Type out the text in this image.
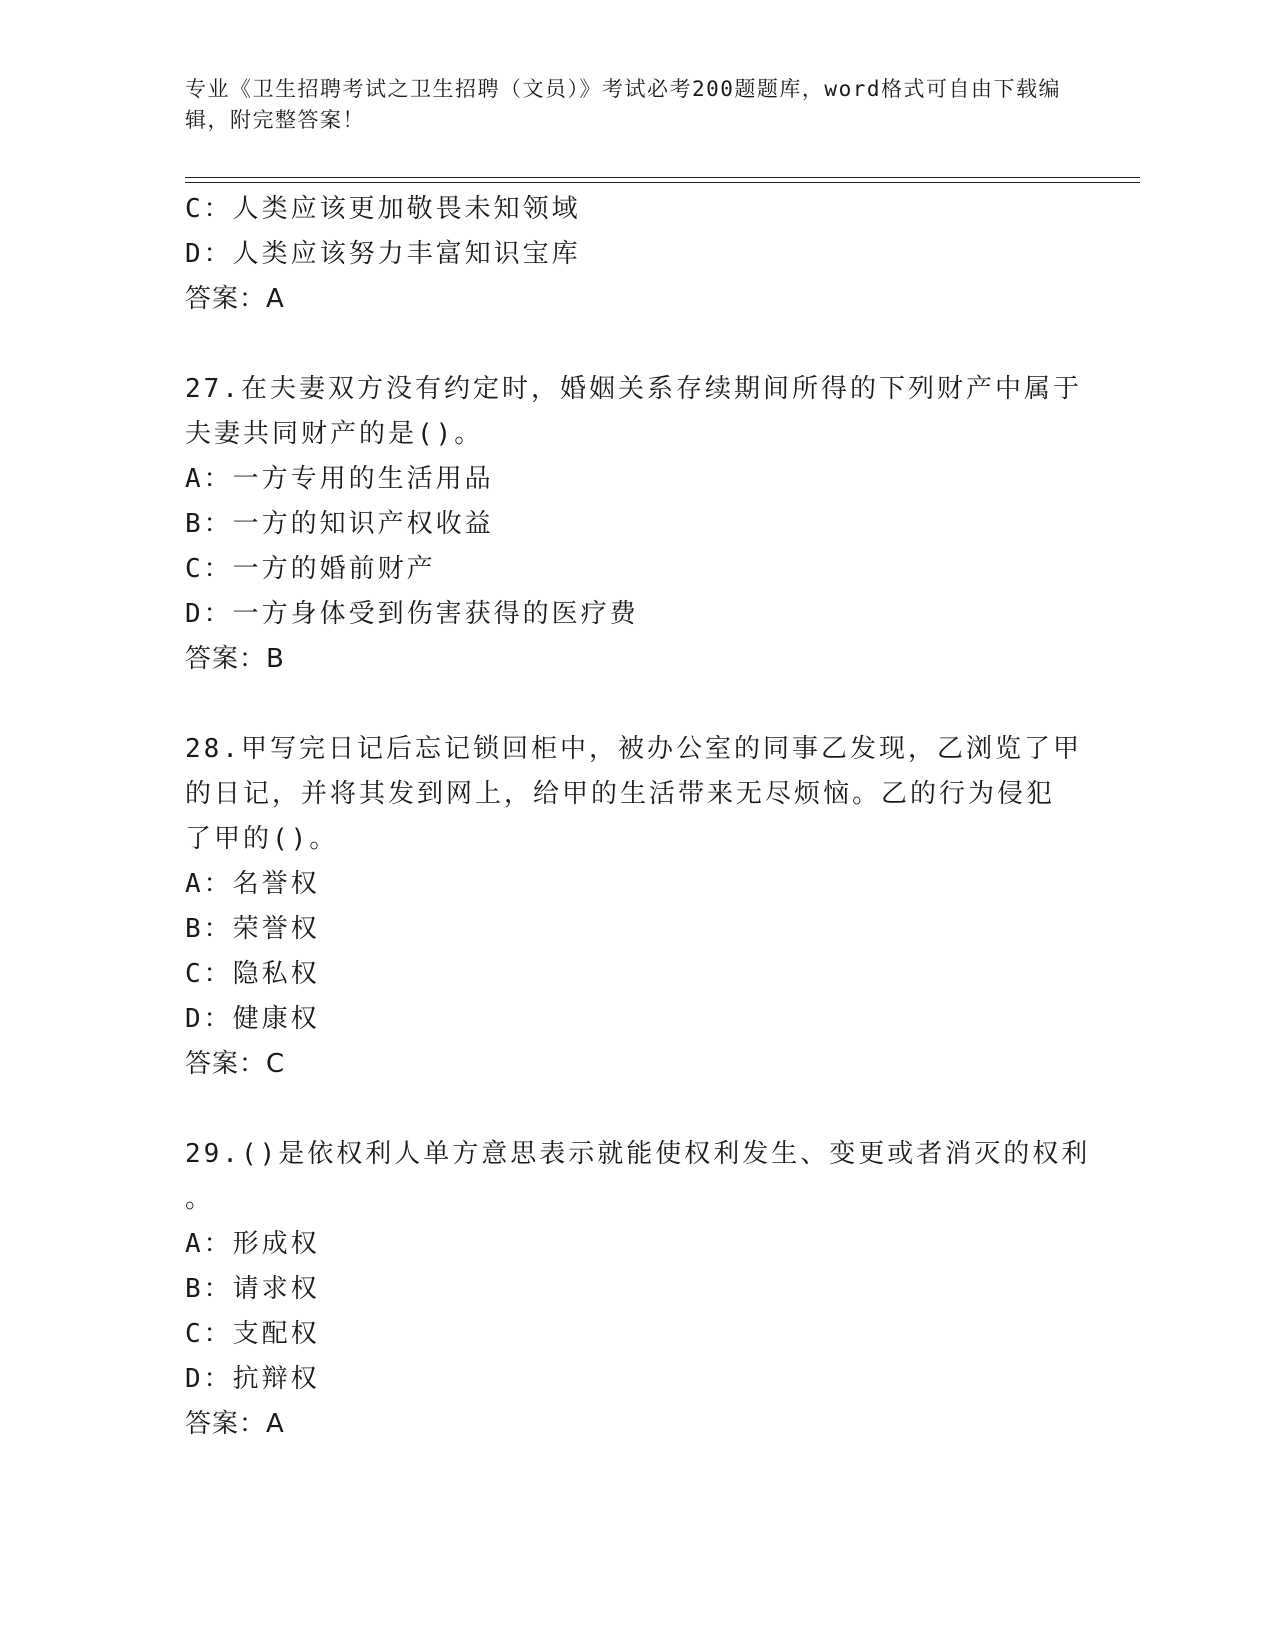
专业《卫生招聘考试之卫生招聘（文员）》考试必考200题题库，word格式可自由下载编辑，附完整答案！
C：人类应该更加敬畏未知领域
D：人类应该努力丰富知识宝库
答案：A
27.在夫妻双方没有约定时，婚姻关系存续期间所得的下列财产中属于
夫妻共同财产的是()。
A：一方专用的生活用品
B：一方的知识产权收益
C：一方的婚前财产
D：一方身体受到伤害获得的医疗费
答案：B
28.甲写完日记后忘记锁回柜中，被办公室的同事乙发现，乙浏览了甲
的日记，并将其发到网上，给甲的生活带来无尽烦恼。乙的行为侵犯
了甲的()。
A：名誉权
B：荣誉权
C：隐私权
D：健康权
答案：C
29.()是依权利人单方意思表示就能使权利发生、变更或者消灭的权利
。
A：形成权
B：请求权
C：支配权
D：抗辩权
答案：A
